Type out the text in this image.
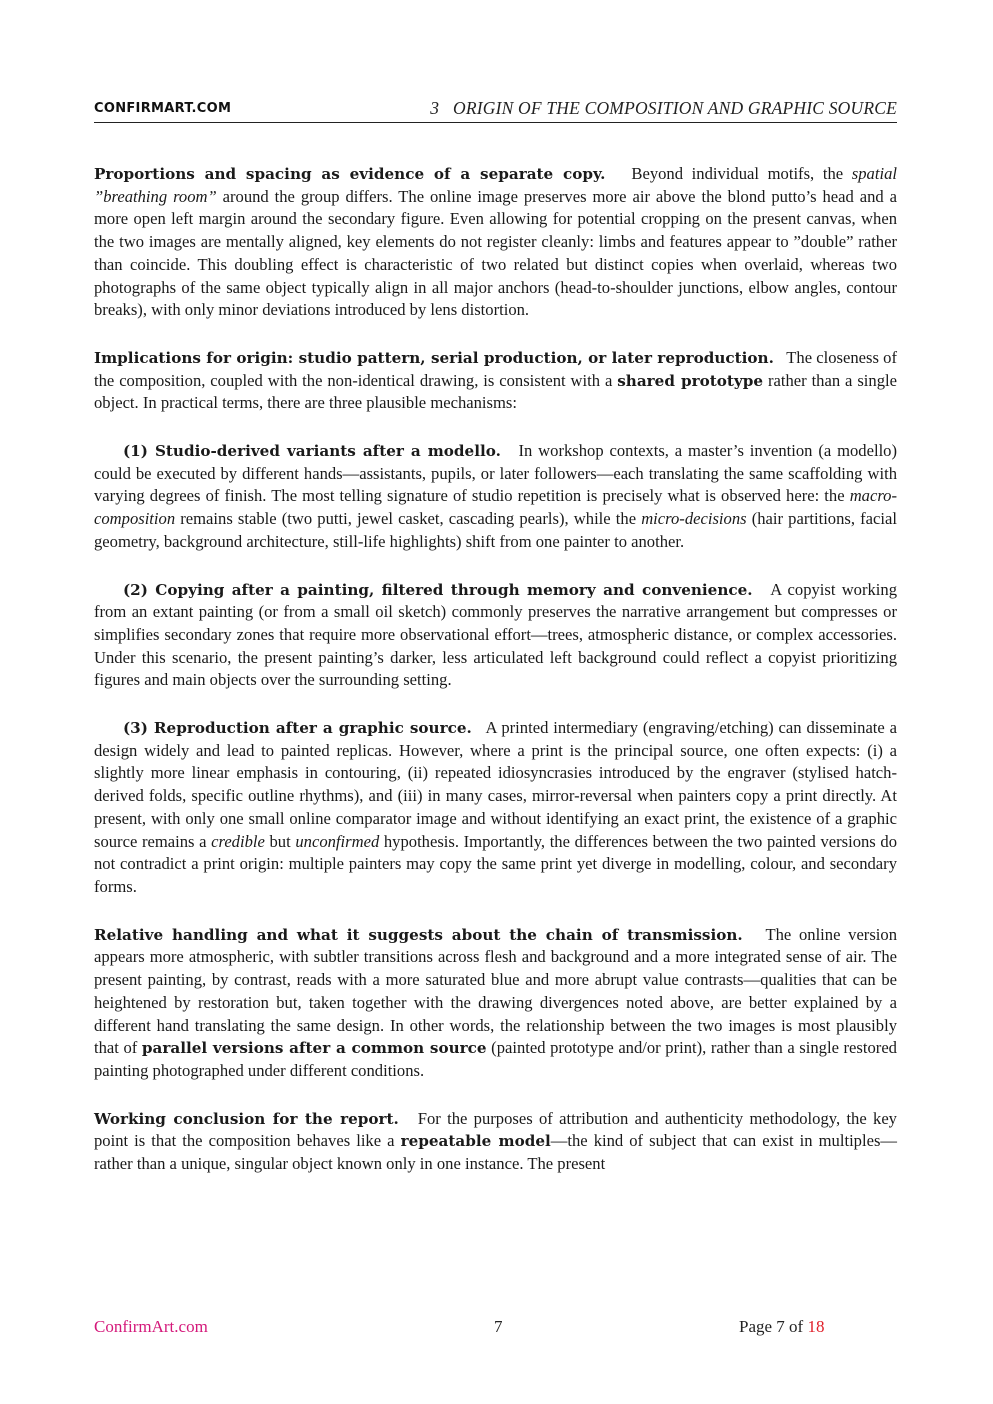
CONFIRMART.COM	3 ORIGIN OF THE COMPOSITION AND GRAPHIC SOURCE

Proportions and spacing as evidence of a separate copy. Beyond individual motifs, the spatial ”breathing room” around the group differs. The online image preserves more air above the blond putto’s head and a more open left margin around the secondary figure. Even allowing for potential cropping on the present canvas, when the two images are mentally aligned, key elements do not register cleanly: limbs and features appear to ”double” rather than coincide. This doubling effect is characteristic of two related but distinct copies when overlaid, whereas two photographs of the same object typically align in all major anchors (head-to-shoulder junctions, elbow angles, contour breaks), with only minor deviations introduced by lens distortion.

Implications for origin: studio pattern, serial production, or later reproduction. The closeness of the composition, coupled with the non-identical drawing, is consistent with a shared prototype rather than a single object. In practical terms, there are three plausible mechanisms:

(1) Studio-derived variants after a modello. In workshop contexts, a master’s invention (a modello) could be executed by different hands—assistants, pupils, or later followers—each translating the same scaffolding with varying degrees of finish. The most telling signature of studio repetition is precisely what is observed here: the macro-composition remains stable (two putti, jewel casket, cascading pearls), while the micro-decisions (hair partitions, facial geometry, background architecture, still-life highlights) shift from one painter to another.

(2) Copying after a painting, filtered through memory and convenience. A copyist working from an extant painting (or from a small oil sketch) commonly preserves the narrative arrangement but compresses or simplifies secondary zones that require more observational effort—trees, atmospheric distance, or complex accessories. Under this scenario, the present painting’s darker, less articulated left background could reflect a copyist prioritizing figures and main objects over the surrounding setting.

(3) Reproduction after a graphic source. A printed intermediary (engraving/etching) can disseminate a design widely and lead to painted replicas. However, where a print is the principal source, one often expects: (i) a slightly more linear emphasis in contouring, (ii) repeated idiosyncrasies introduced by the engraver (stylised hatch-derived folds, specific outline rhythms), and (iii) in many cases, mirror-reversal when painters copy a print directly. At present, with only one small online comparator image and without identifying an exact print, the existence of a graphic source remains a credible but unconfirmed hypothesis. Importantly, the differences between the two painted versions do not contradict a print origin: multiple painters may copy the same print yet diverge in modelling, colour, and secondary forms.

Relative handling and what it suggests about the chain of transmission. The online version appears more atmospheric, with subtler transitions across flesh and background and a more integrated sense of air. The present painting, by contrast, reads with a more saturated blue and more abrupt value contrasts—qualities that can be heightened by restoration but, taken together with the drawing divergences noted above, are better explained by a different hand translating the same design. In other words, the relationship between the two images is most plausibly that of parallel versions after a common source (painted prototype and/or print), rather than a single restored painting photographed under different conditions.

Working conclusion for the report. For the purposes of attribution and authenticity methodology, the key point is that the composition behaves like a repeatable model—the kind of subject that can exist in multiples—rather than a unique, singular object known only in one instance. The present

ConfirmArt.com	7	Page 7 of 18
